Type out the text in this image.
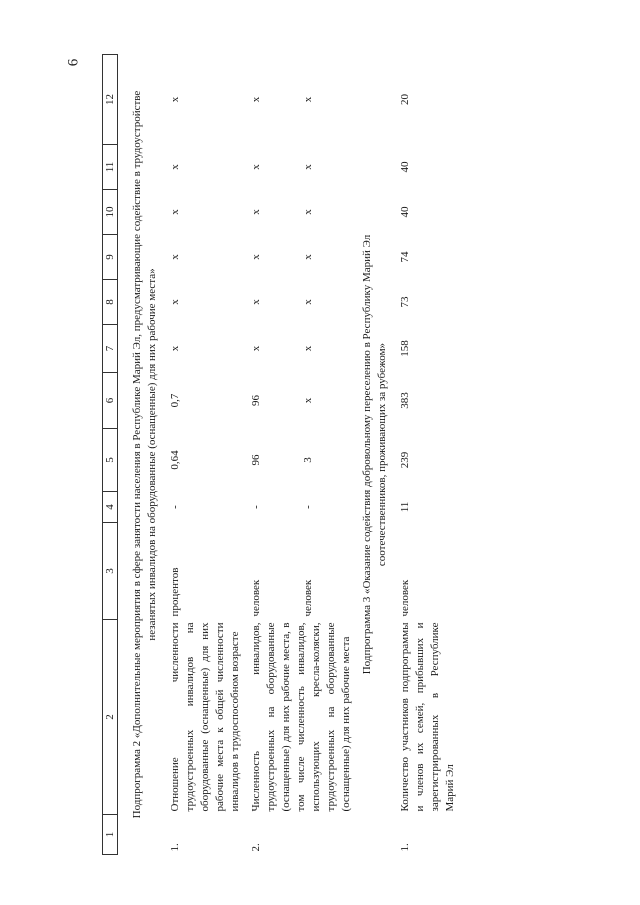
6
1	2	3	4	5	6	7	8	9	10	11	12
Подпрограмма 2 «Дополнительные мероприятия в сфере занятости населения в Республике Марий Эл, предусматривающие содействие в трудоустройстве незанятых инвалидов на оборудованные (оснащенные) для них рабочие места»											
1.	Отношение численности трудоустроенных инвалидов на оборудованные (оснащенные) для них рабочие места к общей численности инвалидов в трудоспособном возрасте	процентов	-	0,64	0,7	x	x	x	x	x	x

2.	Численность инвалидов, трудоустроенных на оборудованные (оснащенные) для них рабочие места, в том числе численность инвалидов, использующих кресла-коляски, трудоустроенных на оборудованные (оснащенные) для них рабочие места	человек	-	96	96	x	x	x	x	x	x
		человек	-	3	x	x	x	x	x	x	x
Подпрограмма 3 «Оказание содействия добровольному переселению в Республику Марий Эл соотечественников, проживающих за рубежом»											
1.	Количество участников подпрограммы и членов их семей, прибывших и зарегистрированных в Республике Марий Эл	человек	11	239	383	158	73	74	40	40	20
